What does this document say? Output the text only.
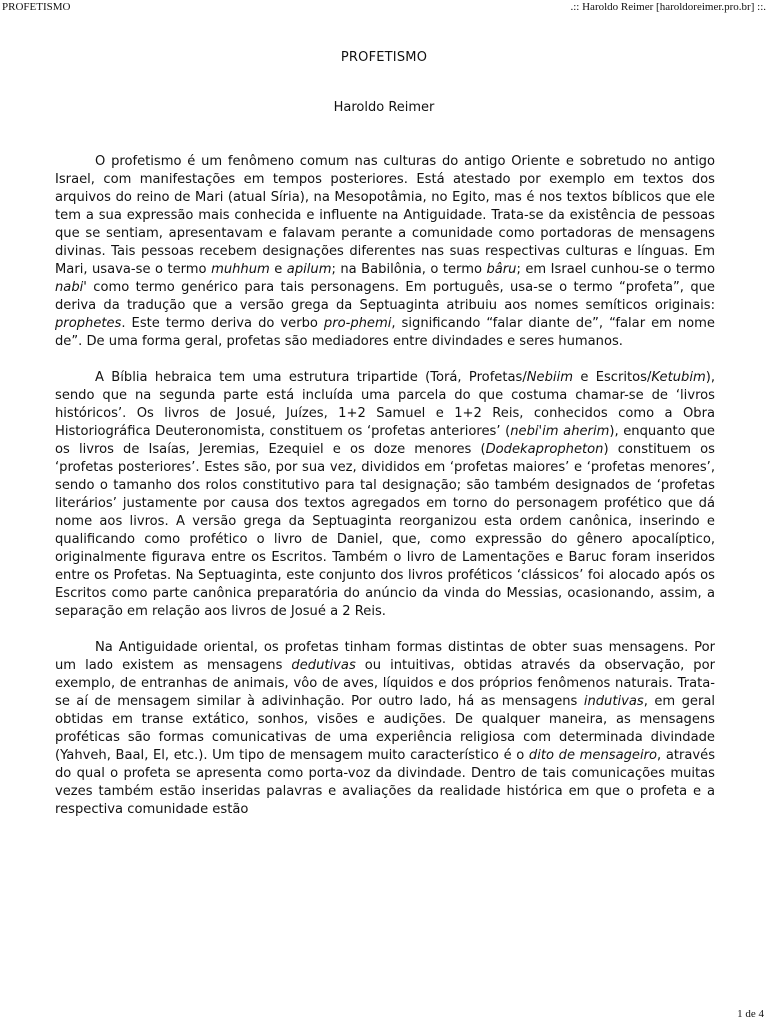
PROFETISMO	.:: Haroldo Reimer [haroldoreimer.pro.br] ::.
PROFETISMO
Haroldo Reimer

O profetismo é um fenômeno comum nas culturas do antigo Oriente e sobretudo no antigo Israel, com manifestações em tempos posteriores. Está atestado por exemplo em textos dos arquivos do reino de Mari (atual Síria), na Mesopotâmia, no Egito, mas é nos textos bíblicos que ele tem a sua expressão mais conhecida e influente na Antiguidade. Trata-se da existência de pessoas que se sentiam, apresentavam e falavam perante a comunidade como portadoras de mensagens divinas. Tais pessoas recebem designações diferentes nas suas respectivas culturas e línguas. Em Mari, usava-se o termo muhhum e apilum; na Babilônia, o termo bâru; em Israel cunhou-se o termo nabi' como termo genérico para tais personagens. Em português, usa-se o termo “profeta”, que deriva da tradução que a versão grega da Septuaginta atribuiu aos nomes semíticos originais: prophetes. Este termo deriva do verbo pro-phemi, significando “falar diante de”, “falar em nome de”. De uma forma geral, profetas são mediadores entre divindades e seres humanos.

A Bíblia hebraica tem uma estrutura tripartide (Torá, Profetas/Nebiim e Escritos/Ketubim), sendo que na segunda parte está incluída uma parcela do que costuma chamar-se de ‘livros históricos’. Os livros de Josué, Juízes, 1+2 Samuel e 1+2 Reis, conhecidos como a Obra Historiográfica Deuteronomista, constituem os ‘profetas anteriores’ (nebi'im aherim), enquanto que os livros de Isaías, Jeremias, Ezequiel e os doze menores (Dodekapropheton) constituem os ‘profetas posteriores’. Estes são, por sua vez, divididos em ‘profetas maiores’ e ‘profetas menores’, sendo o tamanho dos rolos constitutivo para tal designação; são também designados de ‘profetas literários’ justamente por causa dos textos agregados em torno do personagem profético que dá nome aos livros. A versão grega da Septuaginta reorganizou esta ordem canônica, inserindo e qualificando como profético o livro de Daniel, que, como expressão do gênero apocalíptico, originalmente figurava entre os Escritos. Também o livro de Lamentações e Baruc foram inseridos entre os Profetas. Na Septuaginta, este conjunto dos livros proféticos ‘clássicos’ foi alocado após os Escritos como parte canônica preparatória do anúncio da vinda do Messias, ocasionando, assim, a separação em relação aos livros de Josué a 2 Reis.

Na Antiguidade oriental, os profetas tinham formas distintas de obter suas mensagens. Por um lado existem as mensagens dedutivas ou intuitivas, obtidas através da observação, por exemplo, de entranhas de animais, vôo de aves, líquidos e dos próprios fenômenos naturais. Trata-se aí de mensagem similar à adivinhação. Por outro lado, há as mensagens indutivas, em geral obtidas em transe extático, sonhos, visões e audições. De qualquer maneira, as mensagens proféticas são formas comunicativas de uma experiência religiosa com determinada divindade (Yahveh, Baal, El, etc.). Um tipo de mensagem muito característico é o dito de mensageiro, através do qual o profeta se apresenta como porta-voz da divindade. Dentro de tais comunicações muitas vezes também estão inseridas palavras e avaliações da realidade histórica em que o profeta e a respectiva comunidade estão

1 de 4
